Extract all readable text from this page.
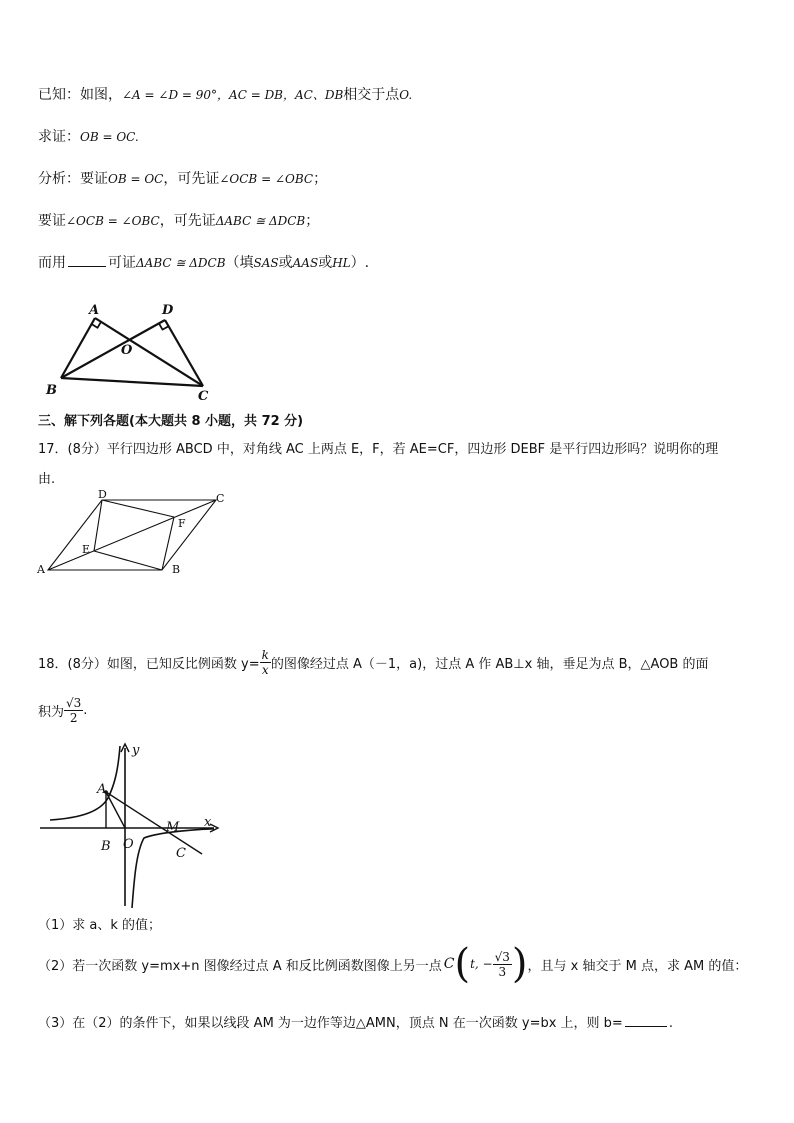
已知：如图，∠A = ∠D = 90°，AC = DB，AC、DB相交于点O.
求证：OB = OC.
分析：要证OB = OC，可先证∠OCB = ∠OBC；
要证∠OCB = ∠OBC，可先证ΔABC ≅ ΔDCB；
而用	可证ΔABC ≅ ΔDCB（填SAS或AAS或HL）.
A	D
O
B	C
三、解下列各题(本大题共 8 小题，共 72 分)
17．(8分）平行四边形 ABCD 中，对角线 AC 上两点 E，F，若 AE=CF，四边形 DEBF 是平行四边形吗？说明你的理
由.
D	C
F
E
A	B
18．(8分）如图，已知反比例函数 $y= \frac{k}{x}$ 的图像经过点 A（－1，a)，过点 A 作 AB⊥x 轴，垂足为点 B，△AOB 的面
积为 $\frac{√3}{2}$ .
y
x
A
M
B O
C
（1）求 a、k 的值；
（2）若一次函数 y=mx+n 图像经过点 A 和反比例函数图像上另一点 C ( t, − $\frac{√3}{3}$ ) ，且与 x 轴交于 M 点，求 AM 的值：
（3）在（2）的条件下，如果以线段 AM 为一边作等边△AMN，顶点 N 在一次函数 y=bx 上，则 b=	.
